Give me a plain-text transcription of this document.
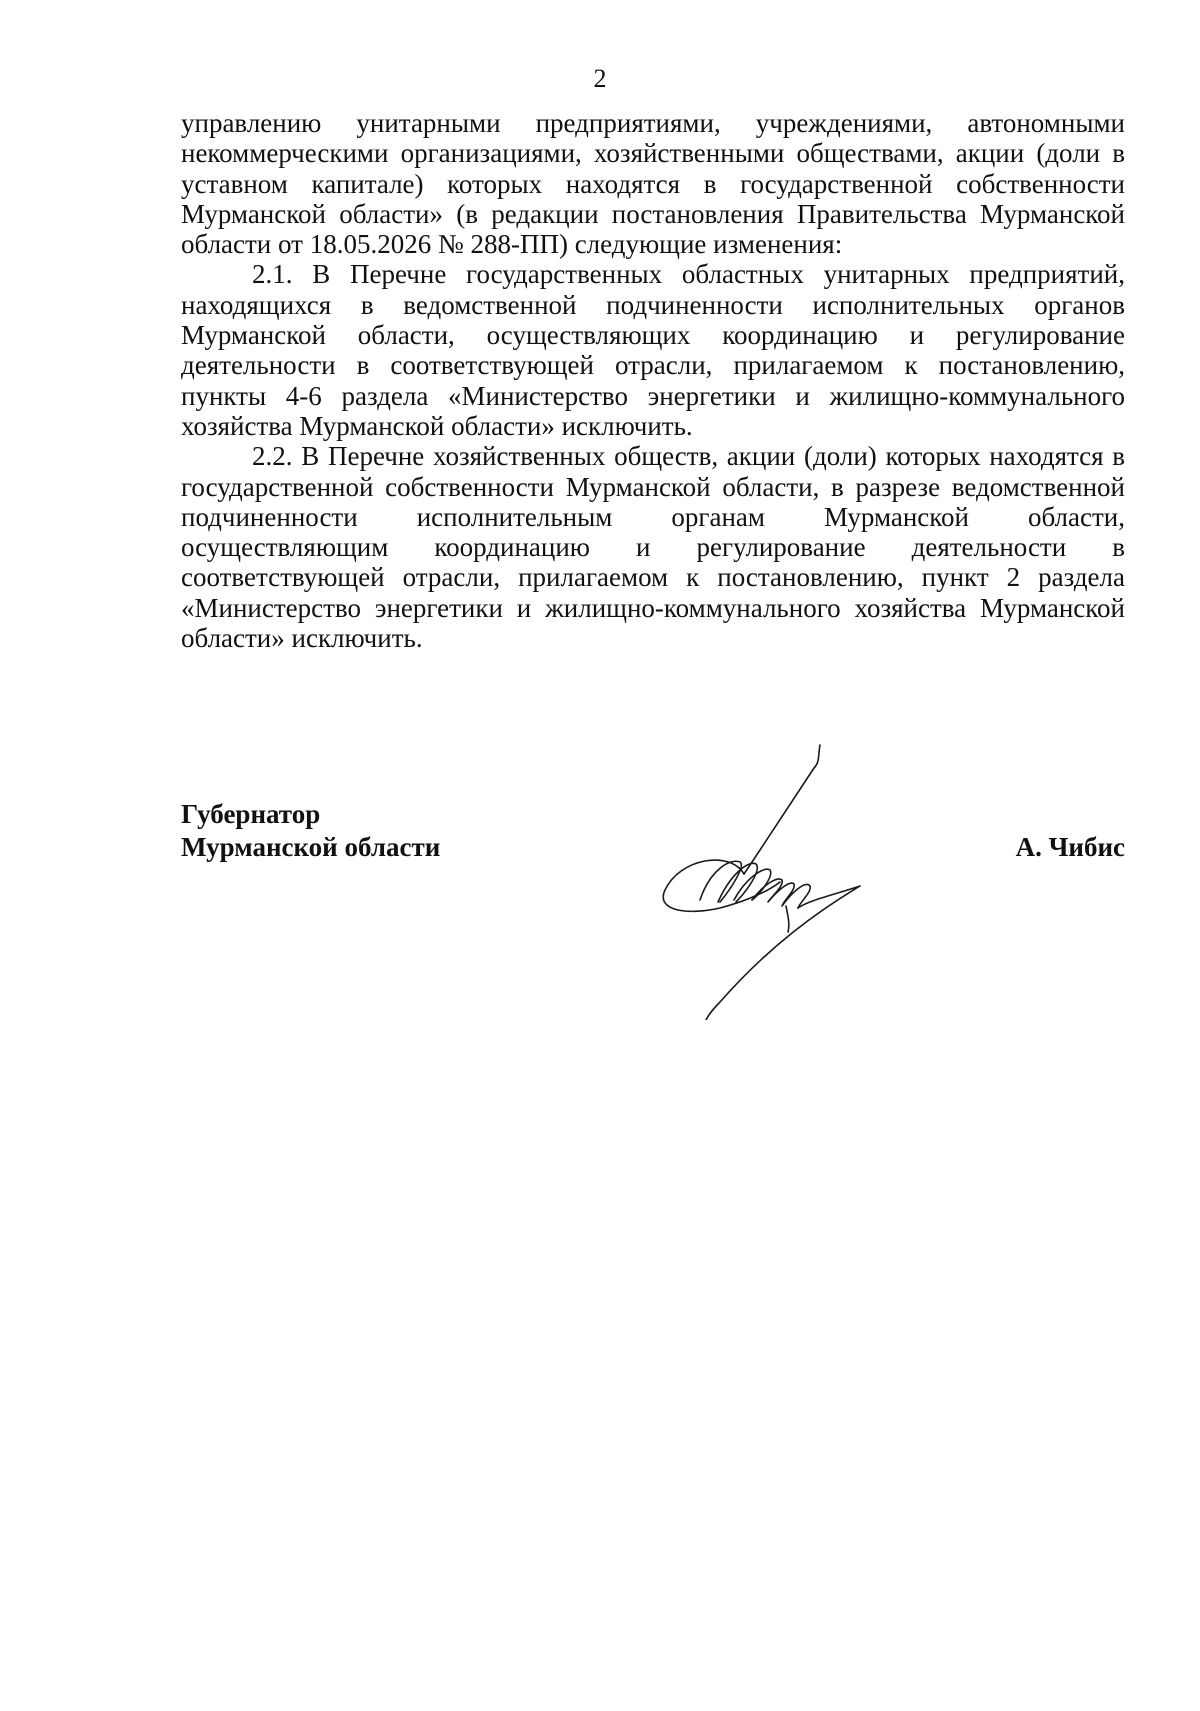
2

управлению унитарными предприятиями, учреждениями, автономными некоммерческими организациями, хозяйственными обществами, акции (доли в уставном капитале) которых находятся в государственной собственности Мурманской области» (в редакции постановления Правительства Мурманской области от 18.05.2026 № 288-ПП) следующие изменения:

2.1. В Перечне государственных областных унитарных предприятий, находящихся в ведомственной подчиненности исполнительных органов Мурманской области, осуществляющих координацию и регулирование деятельности в соответствующей отрасли, прилагаемом к постановлению, пункты 4-6 раздела «Министерство энергетики и жилищно-коммунального хозяйства Мурманской области» исключить.

2.2. В Перечне хозяйственных обществ, акции (доли) которых находятся в государственной собственности Мурманской области, в разрезе ведомственной подчиненности исполнительным органам Мурманской области, осуществляющим координацию и регулирование деятельности в соответствующей отрасли, прилагаемом к постановлению, пункт 2 раздела «Министерство энергетики и жилищно-коммунального хозяйства Мурманской области» исключить.

Губернатор
Мурманской области	А. Чибис
